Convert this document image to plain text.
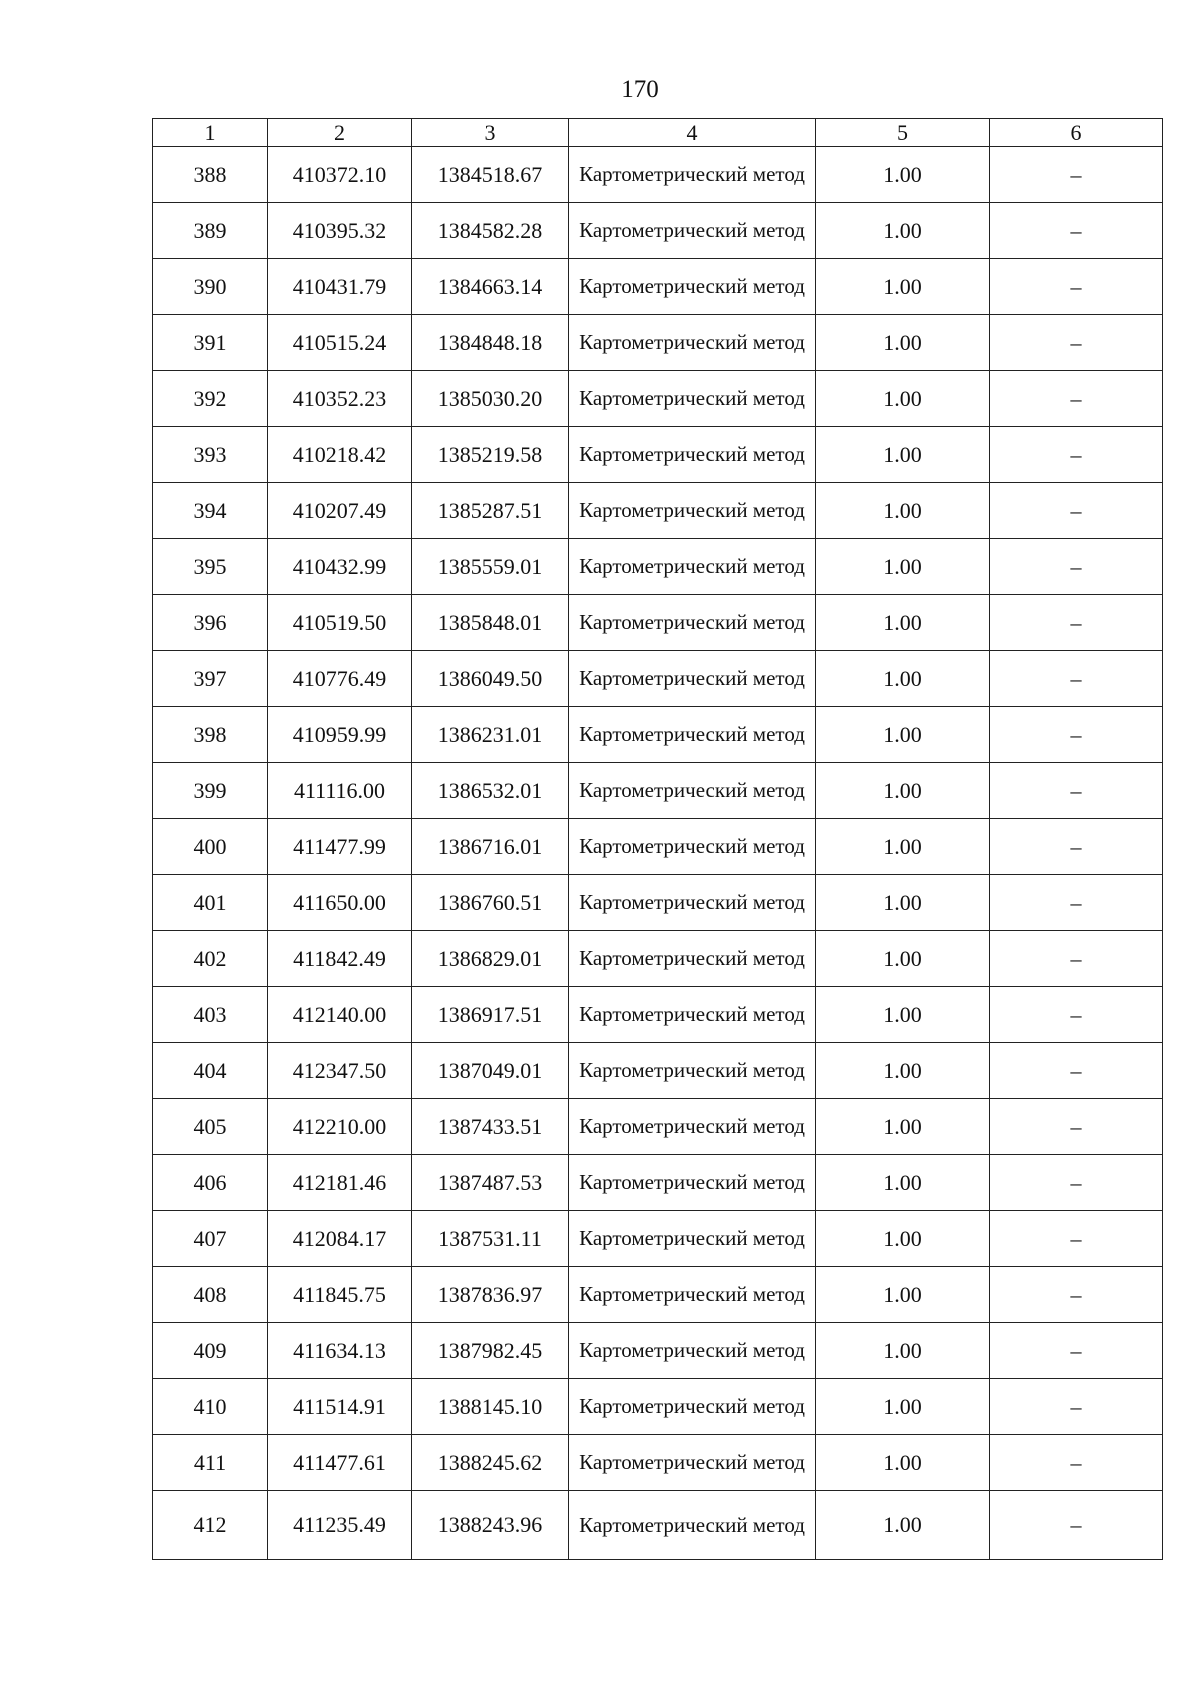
170
1	2	3	4	5	6
388	410372.10	1384518.67	Картометрический метод	1.00	–
389	410395.32	1384582.28	Картометрический метод	1.00	–
390	410431.79	1384663.14	Картометрический метод	1.00	–
391	410515.24	1384848.18	Картометрический метод	1.00	–
392	410352.23	1385030.20	Картометрический метод	1.00	–
393	410218.42	1385219.58	Картометрический метод	1.00	–
394	410207.49	1385287.51	Картометрический метод	1.00	–
395	410432.99	1385559.01	Картометрический метод	1.00	–
396	410519.50	1385848.01	Картометрический метод	1.00	–
397	410776.49	1386049.50	Картометрический метод	1.00	–
398	410959.99	1386231.01	Картометрический метод	1.00	–
399	411116.00	1386532.01	Картометрический метод	1.00	–
400	411477.99	1386716.01	Картометрический метод	1.00	–
401	411650.00	1386760.51	Картометрический метод	1.00	–
402	411842.49	1386829.01	Картометрический метод	1.00	–
403	412140.00	1386917.51	Картометрический метод	1.00	–
404	412347.50	1387049.01	Картометрический метод	1.00	–
405	412210.00	1387433.51	Картометрический метод	1.00	–
406	412181.46	1387487.53	Картометрический метод	1.00	–
407	412084.17	1387531.11	Картометрический метод	1.00	–
408	411845.75	1387836.97	Картометрический метод	1.00	–
409	411634.13	1387982.45	Картометрический метод	1.00	–
410	411514.91	1388145.10	Картометрический метод	1.00	–
411	411477.61	1388245.62	Картометрический метод	1.00	–
412	411235.49	1388243.96	Картометрический метод	1.00	–
